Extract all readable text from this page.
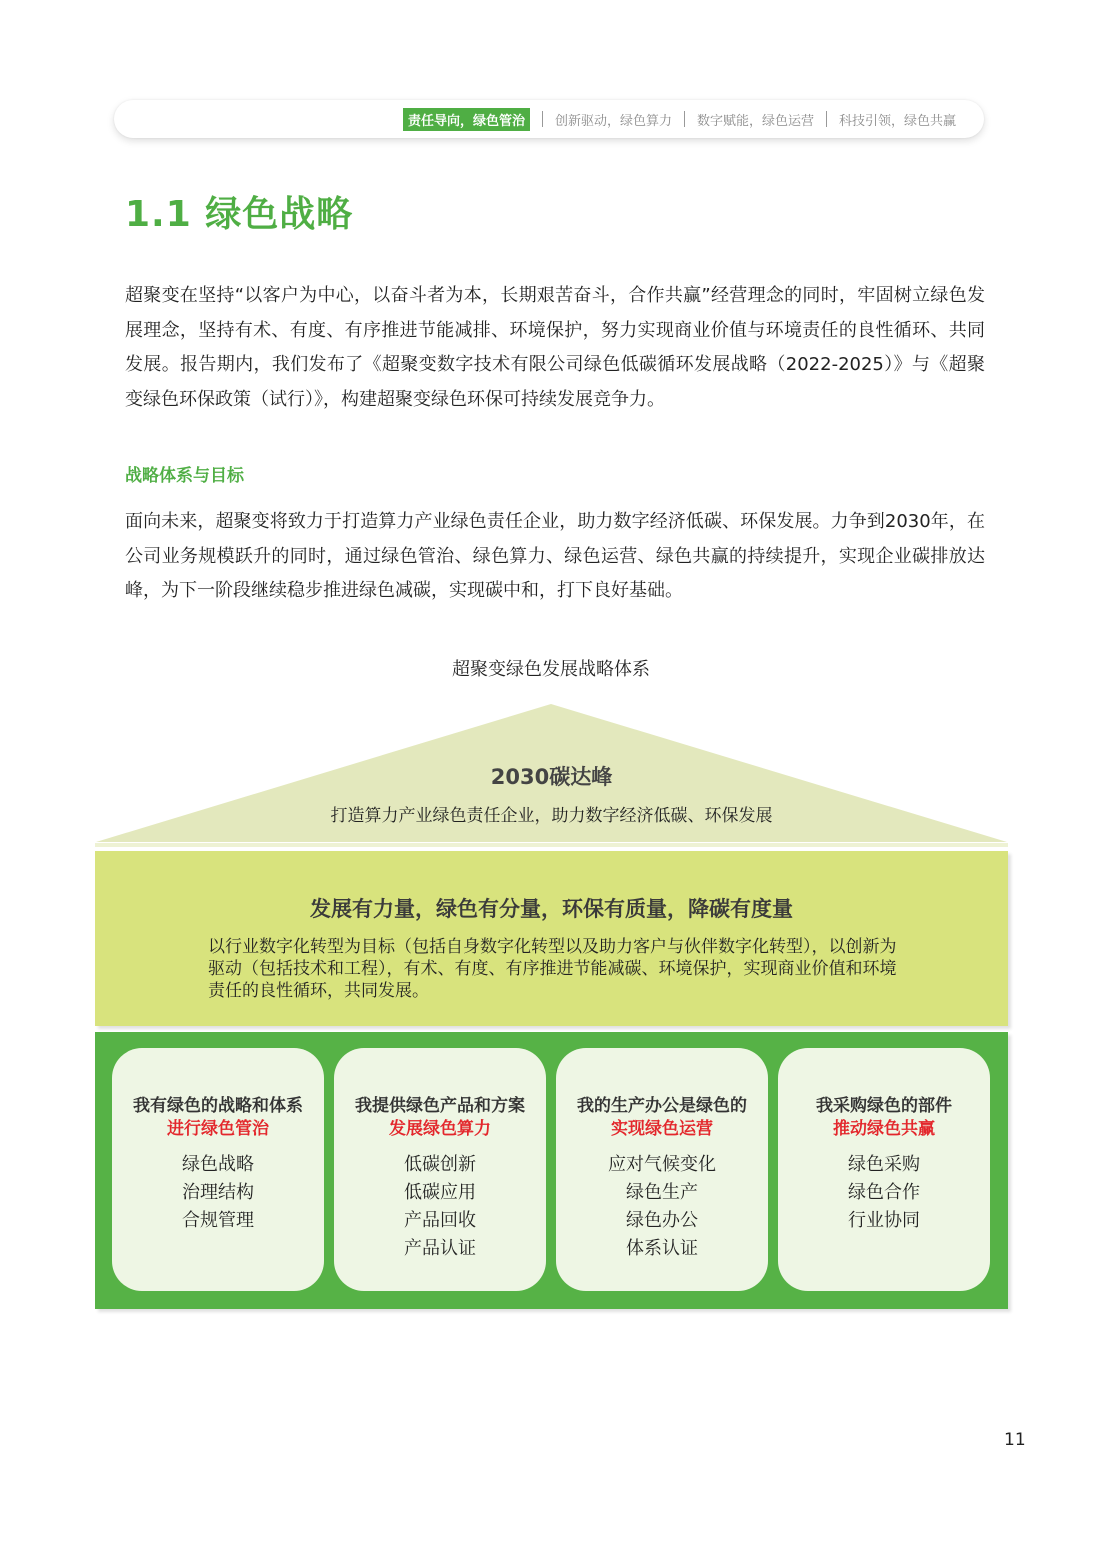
责任导向，绿色管治	创新驱动，绿色算力 数字赋能，绿色运营 科技引领，绿色共赢
1.1 绿色战略

超聚变在坚持“以客户为中心，以奋斗者为本，长期艰苦奋斗，合作共赢”经营理念的同时，牢固树立绿色发展理念，坚持有术、有度、有序推进节能减排、环境保护，努力实现商业价值与环境责任的良性循环、共同发展。报告期内，我们发布了《超聚变数字技术有限公司绿色低碳循环发展战略（2022-2025）》与《超聚变绿色环保政策（试行）》，构建超聚变绿色环保可持续发展竞争力。

战略体系与目标

面向未来，超聚变将致力于打造算力产业绿色责任企业，助力数字经济低碳、环保发展。力争到2030年，在公司业务规模跃升的同时，通过绿色管治、绿色算力、绿色运营、绿色共赢的持续提升，实现企业碳排放达峰，为下一阶段继续稳步推进绿色减碳，实现碳中和，打下良好基础。

超聚变绿色发展战略体系
2030碳达峰
打造算力产业绿色责任企业，助力数字经济低碳、环保发展
发展有力量，绿色有分量，环保有质量，降碳有度量
以行业数字化转型为目标（包括自身数字化转型以及助力客户与伙伴数字化转型），以创新为驱动（包括技术和工程），有术、有度、有序推进节能减碳、环境保护，实现商业价值和环境责任的良性循环，共同发展。
我有绿色的战略和体系
进行绿色管治
绿色战略
治理结构
合规管理
我提供绿色产品和方案
发展绿色算力
低碳创新
低碳应用
产品回收
产品认证
我的生产办公是绿色的
实现绿色运营
应对气候变化
绿色生产
绿色办公
体系认证
我采购绿色的部件
推动绿色共赢
绿色采购
绿色合作
行业协同
11
